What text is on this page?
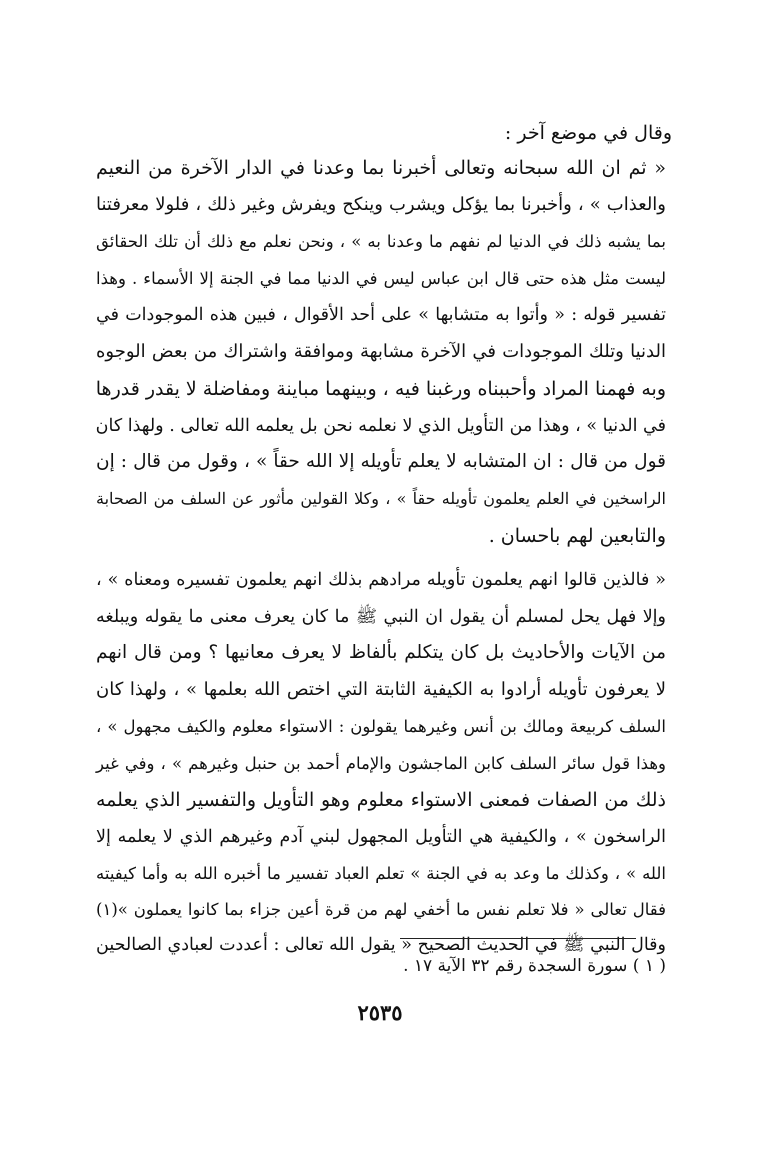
وقال في موضع آخر :
« ثم ان الله سبحانه وتعالى أخبرنا بما وعدنا في الدار الآخرة من النعيم
والعذاب » ، وأخبرنا بما يؤكل ويشرب وينكح ويفرش وغير ذلك ، فلولا معرفتنا
بما يشبه ذلك في الدنيا لم نفهم ما وعدنا به » ، ونحن نعلم مع ذلك أن تلك الحقائق
ليست مثل هذه حتى قال ابن عباس ليس في الدنيا مما في الجنة إلا الأسماء . وهذا
تفسير قوله : « وأتوا به متشابها » على أحد الأقوال ، فبين هذه الموجودات في
الدنيا وتلك الموجودات في الآخرة مشابهة وموافقة واشتراك من بعض الوجوه
وبه فهمنا المراد وأحببناه ورغبنا فيه ، وبينهما مباينة ومفاضلة لا يقدر قدرها
في الدنيا » ، وهذا من التأويل الذي لا نعلمه نحن بل يعلمه الله تعالى . ولهذا كان
قول من قال : ان المتشابه لا يعلم تأويله إلا الله حقاً » ، وقول من قال : إن
الراسخين في العلم يعلمون تأويله حقاً » ، وكلا القولين مأثور عن السلف من الصحابة
والتابعين لهم باحسان .
« فالذين قالوا انهم يعلمون تأويله مرادهم بذلك انهم يعلمون تفسيره ومعناه » ،
وإلا فهل يحل لمسلم أن يقول ان النبي ﷺ ما كان يعرف معنى ما يقوله ويبلغه
من الآيات والأحاديث بل كان يتكلم بألفاظ لا يعرف معانيها ؟ ومن قال انهم
لا يعرفون تأويله أرادوا به الكيفية الثابتة التي اختص الله بعلمها » ، ولهذا كان
السلف كربيعة ومالك بن أنس وغيرهما يقولون : الاستواء معلوم والكيف مجهول » ،
وهذا قول سائر السلف كابن الماجشون والإمام أحمد بن حنبل وغيرهم » ، وفي غير
ذلك من الصفات فمعنى الاستواء معلوم وهو التأويل والتفسير الذي يعلمه
الراسخون » ، والكيفية هي التأويل المجهول لبني آدم وغيرهم الذي لا يعلمه إلا
الله » ، وكذلك ما وعد به في الجنة » تعلم العباد تفسير ما أخبره الله به وأما كيفيته
فقال تعالى « فلا تعلم نفس ما أخفي لهم من قرة أعين جزاء بما كانوا يعملون »(١)
وقال النبي ﷺ في الحديث الصحيح « يقول الله تعالى : أعددت لعبادي الصالحين
( ١ ) سورة السجدة رقم ٣٢ الآية ١٧ .
٢٥٣٥
